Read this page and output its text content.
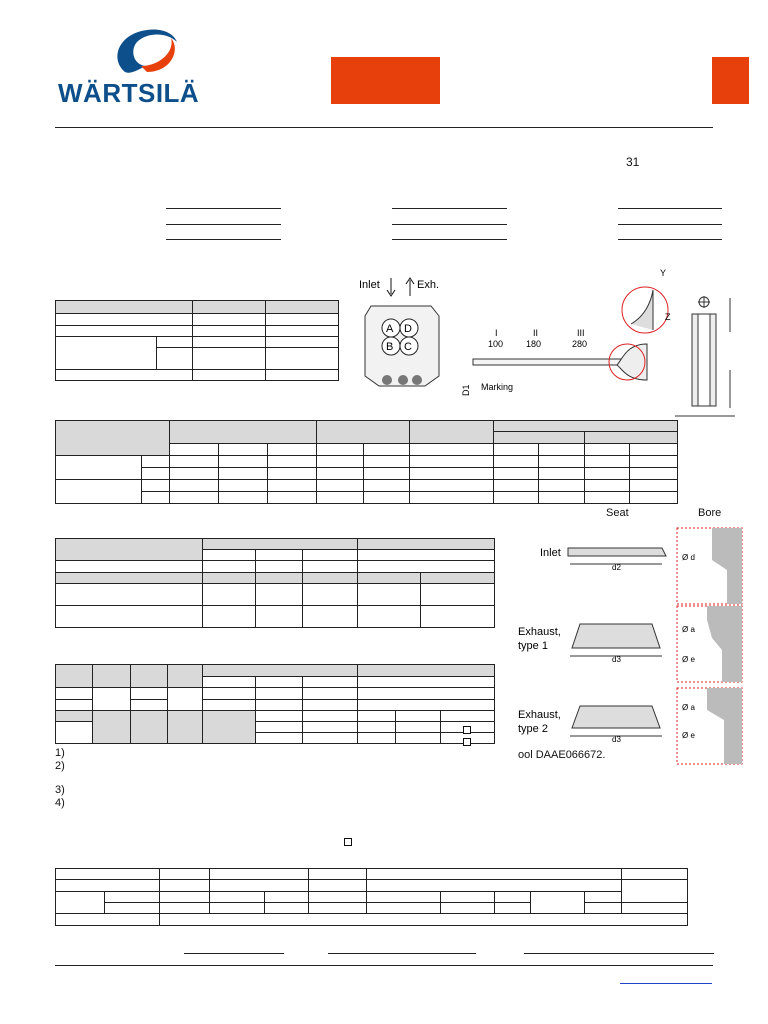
WÄRTSILÄ
31

Inlet	Exh.
A D
B C
I	II	III
100	180	280
D1 Marking
Y
Z

Seat	Bore

Inlet
d2
Ø d
Exhaust,
type 1
d3
Ø a
Ø e
Exhaust,
type 2
d3
Ø a
Ø e

1)
2)
ool DAAE066672.
3)
4)
